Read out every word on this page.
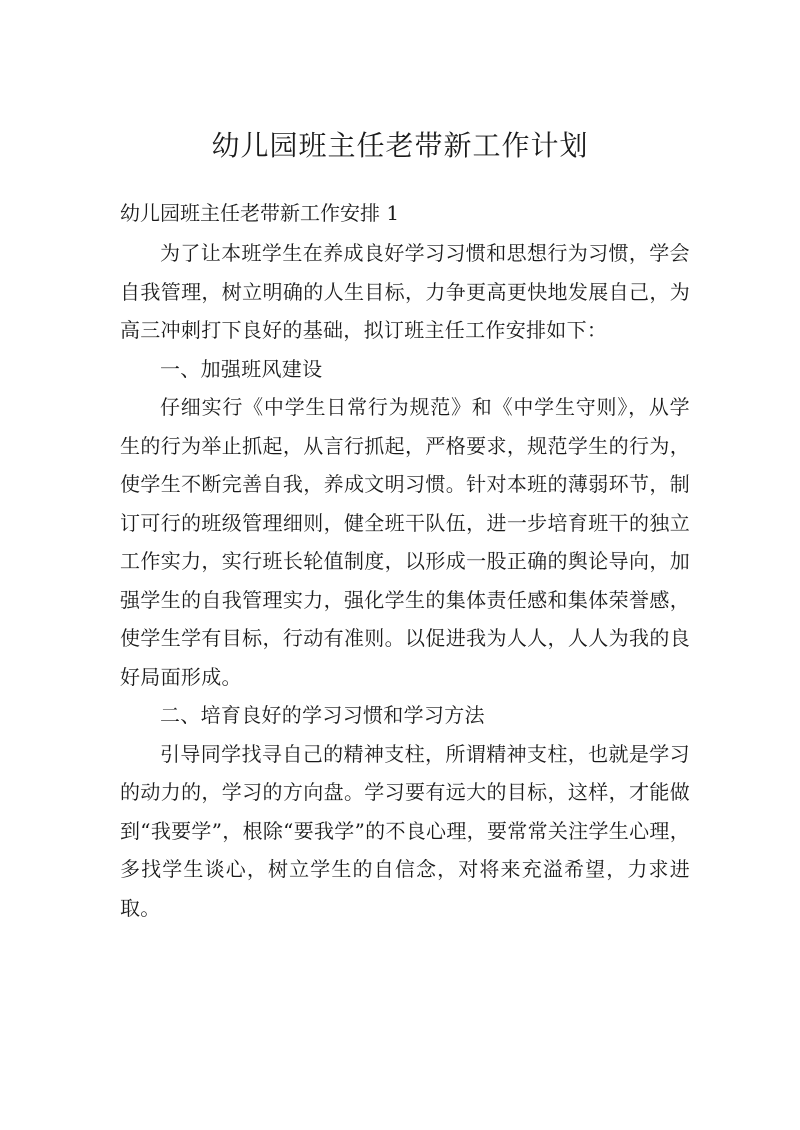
幼儿园班主任老带新工作计划

幼儿园班主任老带新工作安排 1

为了让本班学生在养成良好学习习惯和思想行为习惯，学会自我管理，树立明确的人生目标，力争更高更快地发展自己，为高三冲刺打下良好的基础，拟订班主任工作安排如下：

一、加强班风建设

仔细实行《中学生日常行为规范》和《中学生守则》，从学生的行为举止抓起，从言行抓起，严格要求，规范学生的行为，使学生不断完善自我，养成文明习惯。针对本班的薄弱环节，制订可行的班级管理细则，健全班干队伍，进一步培育班干的独立工作实力，实行班长轮值制度，以形成一股正确的舆论导向，加强学生的自我管理实力，强化学生的集体责任感和集体荣誉感，使学生学有目标，行动有准则。以促进我为人人，人人为我的良好局面形成。

二、培育良好的学习习惯和学习方法

引导同学找寻自己的精神支柱，所谓精神支柱，也就是学习的动力的，学习的方向盘。学习要有远大的目标，这样，才能做到“我要学”，根除“要我学”的不良心理，要常常关注学生心理，多找学生谈心，树立学生的自信念，对将来充溢希望，力求进取。
